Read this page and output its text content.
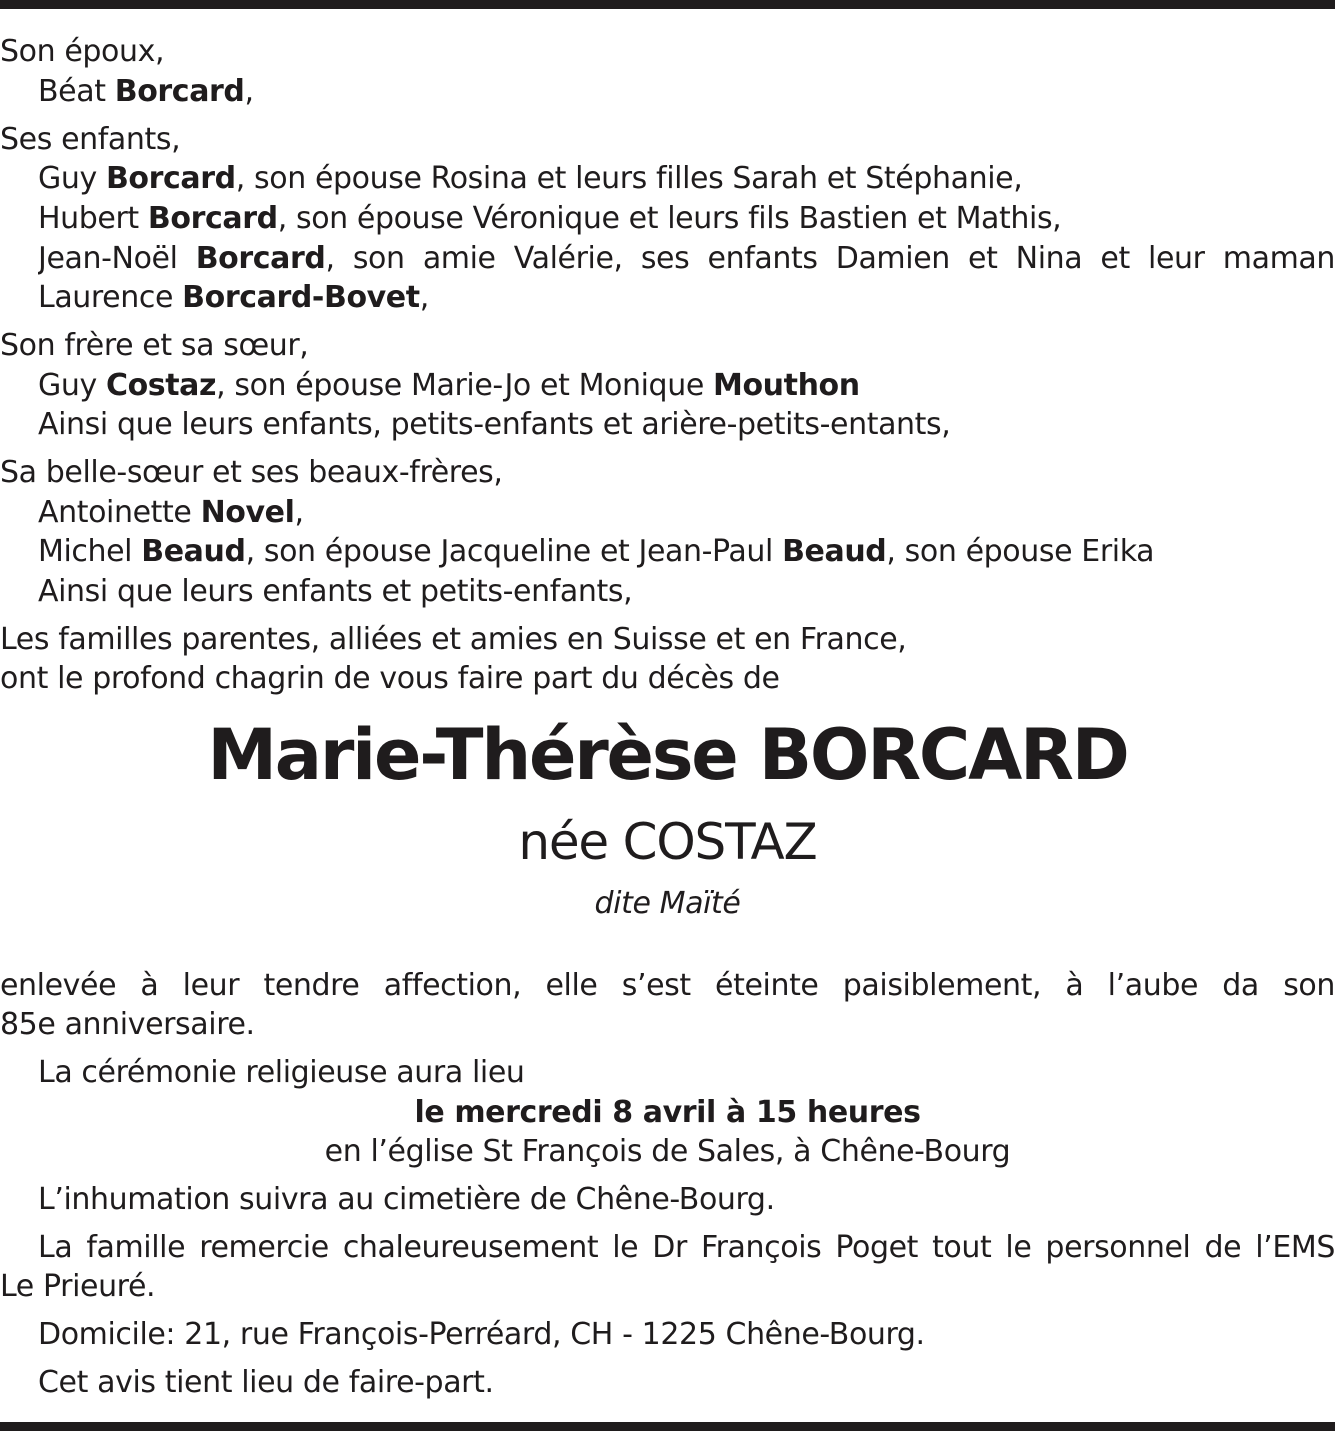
Son époux,
Béat Borcard,
Ses enfants,
Guy Borcard, son épouse Rosina et leurs filles Sarah et Stéphanie,
Hubert Borcard, son épouse Véronique et leurs fils Bastien et Mathis,
Jean-Noël Borcard, son amie Valérie, ses enfants Damien et Nina et leur maman
Laurence Borcard-Bovet,
Son frère et sa sœur,
Guy Costaz, son épouse Marie-Jo et Monique Mouthon
Ainsi que leurs enfants, petits-enfants et arière-petits-entants,
Sa belle-sœur et ses beaux-frères,
Antoinette Novel,
Michel Beaud, son épouse Jacqueline et Jean-Paul Beaud, son épouse Erika
Ainsi que leurs enfants et petits-enfants,
Les familles parentes, alliées et amies en Suisse et en France,
ont le profond chagrin de vous faire part du décès de
Marie-Thérèse BORCARD
née COSTAZ
dite Maïté
enlevée à leur tendre affection, elle s’est éteinte paisiblement, à l’aube da son
85e anniversaire.
La cérémonie religieuse aura lieu
le mercredi 8 avril à 15 heures
en l’église St François de Sales, à Chêne-Bourg
L’inhumation suivra au cimetière de Chêne-Bourg.
La famille remercie chaleureusement le Dr François Poget tout le personnel de l’EMS
Le Prieuré.
Domicile: 21, rue François-Perréard, CH - 1225 Chêne-Bourg.
Cet avis tient lieu de faire-part.
